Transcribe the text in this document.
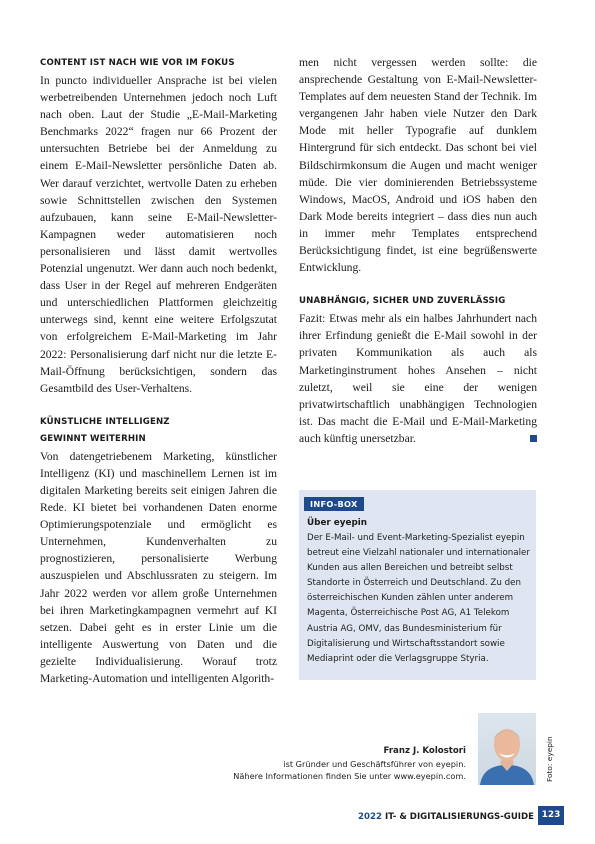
CONTENT IST NACH WIE VOR IM FOKUS

In puncto individueller Ansprache ist bei vielen werbetreibenden Unternehmen jedoch noch Luft nach oben. Laut der Studie „E-Mail-Marketing Benchmarks 2022“ fragen nur 66 Prozent der untersuchten Betriebe bei der Anmeldung zu einem E-Mail-Newsletter persönliche Daten ab. Wer darauf verzichtet, wertvolle Daten zu erheben sowie Schnittstellen zwischen den Systemen aufzubauen, kann seine E-Mail-Newsletter-Kampagnen weder automatisieren noch personalisieren und lässt damit wertvolles Potenzial ungenutzt. Wer dann auch noch bedenkt, dass User in der Regel auf mehreren Endgeräten und unterschiedlichen Plattformen gleichzeitig unterwegs sind, kennt eine weitere Erfolgszutat von erfolgreichem E-Mail-Marketing im Jahr 2022: Personalisierung darf nicht nur die letzte E-Mail-Öffnung berücksichtigen, sondern das Gesamtbild des User-Verhaltens.

KÜNSTLICHE INTELLIGENZ
GEWINNT WEITERHIN

Von datengetriebenem Marketing, künstlicher Intelligenz (KI) und maschinellem Lernen ist im digitalen Marketing bereits seit einigen Jahren die Rede. KI bietet bei vorhandenen Daten enorme Optimierungspotenziale und ermöglicht es Unternehmen, Kundenverhalten zu prognostizieren, personalisierte Werbung auszuspielen und Abschlussraten zu steigern. Im Jahr 2022 werden vor allem große Unternehmen bei ihren Marketingkampagnen vermehrt auf KI setzen. Dabei geht es in erster Linie um die intelligente Auswertung von Daten und die gezielte Individualisierung. Worauf trotz Marketing-Automation und intelligenten Algorith-

men nicht vergessen werden sollte: die ansprechende Gestaltung von E-Mail-Newsletter-Templates auf dem neuesten Stand der Technik. Im vergangenen Jahr haben viele Nutzer den Dark Mode mit heller Typografie auf dunklem Hintergrund für sich entdeckt. Das schont bei viel Bildschirmkonsum die Augen und macht weniger müde. Die vier dominierenden Betriebssysteme Windows, MacOS, Android und iOS haben den Dark Mode bereits integriert – dass dies nun auch in immer mehr Templates entsprechend Berücksichtigung findet, ist eine begrüßenswerte Entwicklung.

UNABHÄNGIG, SICHER UND ZUVERLÄSSIG

Fazit: Etwas mehr als ein halbes Jahrhundert nach ihrer Erfindung genießt die E-Mail sowohl in der privaten Kommunikation als auch als Marketinginstrument hohes Ansehen – nicht zuletzt, weil sie eine der wenigen privatwirtschaftlich unabhängigen Technologien ist. Das macht die E-Mail und E-Mail-Marketing auch künftig unersetzbar.

INFO-BOX

Über eyepin

Der E-Mail- und Event-Marketing-Spezialist eyepin betreut eine Vielzahl nationaler und internationaler Kunden aus allen Bereichen und betreibt selbst Standorte in Österreich und Deutschland. Zu den österreichischen Kunden zählen unter anderem Magenta, Österreichische Post AG, A1 Telekom Austria AG, OMV, das Bundesministerium für Digitalisierung und Wirtschaftsstandort sowie Mediaprint oder die Verlagsgruppe Styria.

Franz J. Kolostori
ist Gründer und Geschäftsführer von eyepin.
Nähere Informationen finden Sie unter www.eyepin.com.	Foto: eyepin
2022 IT- & DIGITALISIERUNGS-GUIDE 123
